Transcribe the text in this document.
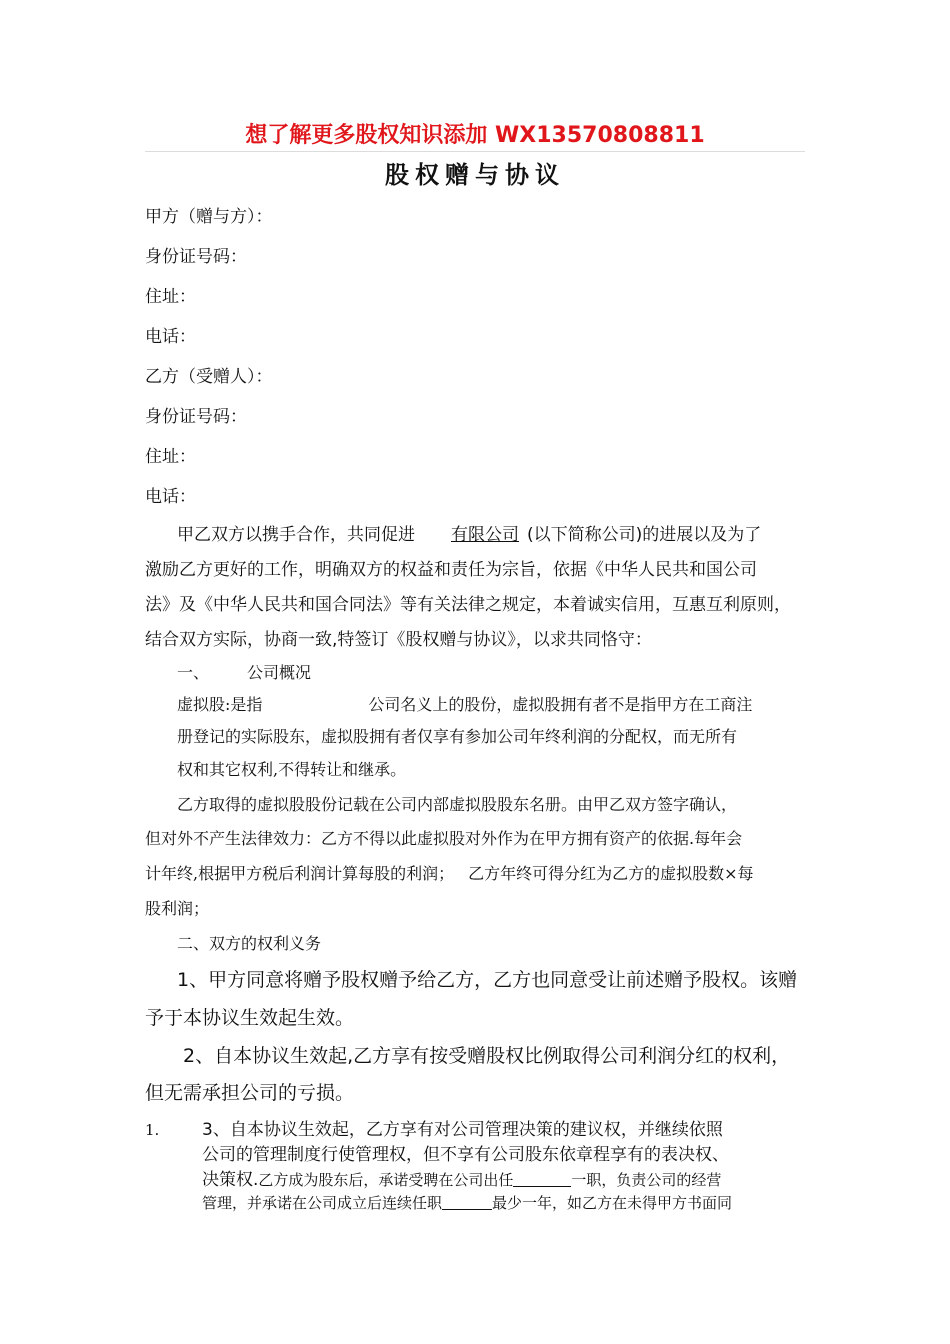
想了解更多股权知识添加 WX13570808811
股权赠与协议
甲方（赠与方）：
身份证号码：
住址：
电话：
乙方（受赠人）：
身份证号码：
住址：
电话：
甲乙双方以携手合作，共同促进 有限公司 (以下简称公司)的进展以及为了
激励乙方更好的工作，明确双方的权益和责任为宗旨，依据《中华人民共和国公司
法》及《中华人民共和国合同法》等有关法律之规定，本着诚实信用，互惠互利原则，
结合双方实际，协商一致,特签订《股权赠与协议》，以求共同恪守：
一、 公司概况
虚拟股:是指	公司名义上的股份，虚拟股拥有者不是指甲方在工商注
册登记的实际股东，虚拟股拥有者仅享有参加公司年终利润的分配权，而无所有
权和其它权利,不得转让和继承。
乙方取得的虚拟股股份记载在公司内部虚拟股股东名册。由甲乙双方签字确认，
但对外不产生法律效力：乙方不得以此虚拟股对外作为在甲方拥有资产的依据.每年会
计年终,根据甲方税后利润计算每股的利润； 乙方年终可得分红为乙方的虚拟股数×每
股利润；
二、双方的权利义务
1、甲方同意将赠予股权赠予给乙方，乙方也同意受让前述赠予股权。该赠
予于本协议生效起生效。
2、自本协议生效起,乙方享有按受赠股权比例取得公司利润分红的权利，
但无需承担公司的亏损。
1.	3、自本协议生效起，乙方享有对公司管理决策的建议权，并继续依照
公司的管理制度行使管理权，但不享有公司股东依章程享有的表决权、
决策权.乙方成为股东后，承诺受聘在公司出任	一职，负责公司的经营
管理，并承诺在公司成立后连续任职	最少一年，如乙方在未得甲方书面同
